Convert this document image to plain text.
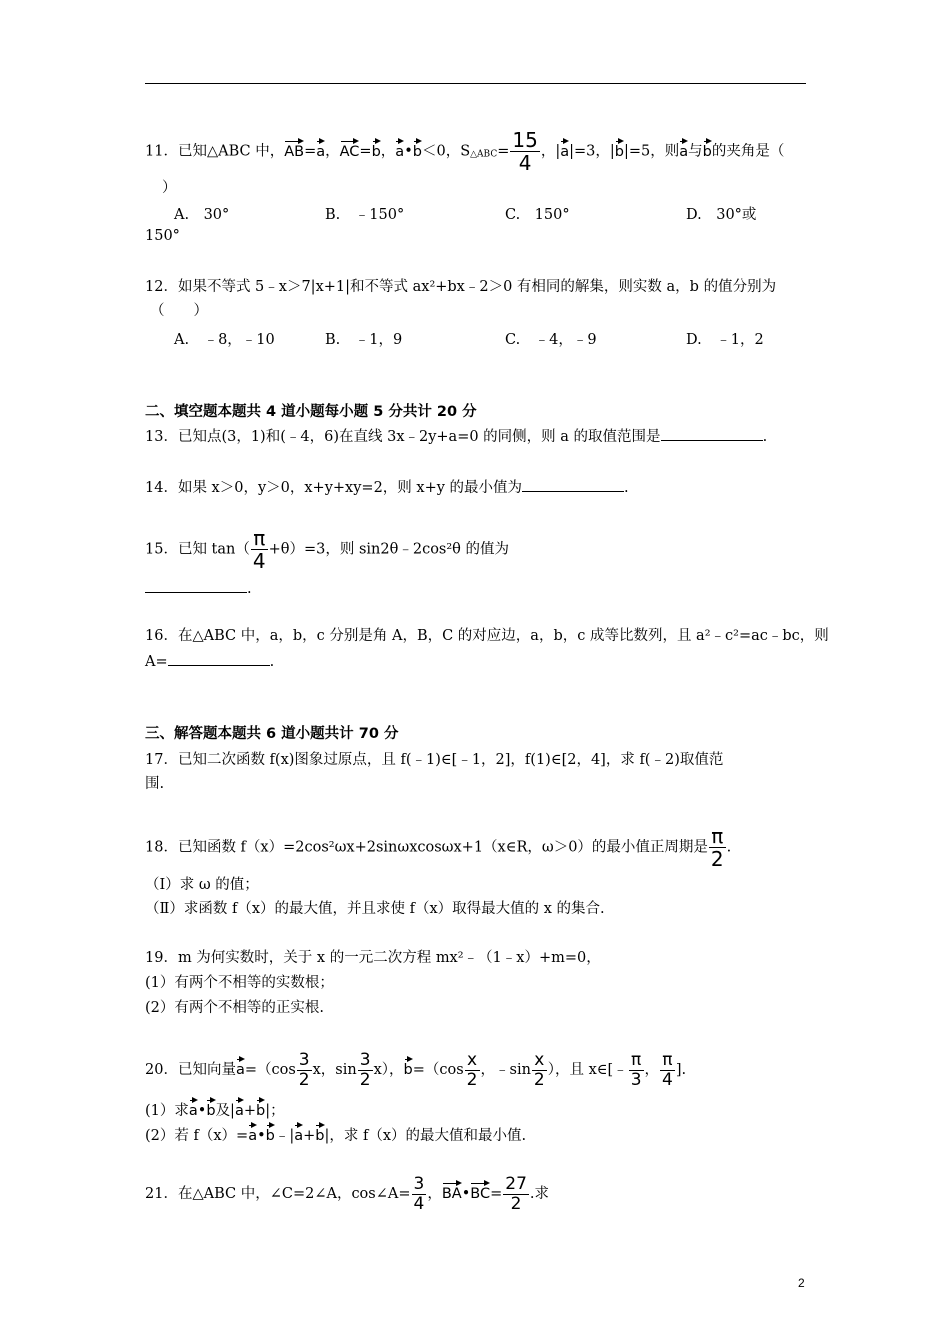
11．已知△ABC 中，AB=a，AC=b，a•b＜0，$S_{\triangle ABC}= \frac{15}{4}$ ，|a|=3，|b|=5，则a与b的夹角是（
）
A.　30°	B.　﹣150°	C.　150°	D.　30°或
150°
12．如果不等式 5﹣x＞7|x+1|和不等式 ax²+bx﹣2＞0 有相同的解集，则实数 a，b 的值分别为
（　　）
A.　﹣8，﹣10	B.　﹣1，9	C.　﹣4，﹣9	D.　﹣1，2
二、填空题本题共 4 道小题每小题 5 分共计 20 分
13．已知点(3，1)和(﹣4，6)在直线 3x﹣2y+a=0 的同侧，则 a 的取值范围是	.
14．如果 x＞0，y＞0，x+y+xy=2，则 x+y 的最小值为	.
15．已知 $\tan( \frac{\pi}{4} +\theta)=3$，则 sin2θ﹣2cos²θ 的值为
.
16．在△ABC 中，a，b，c 分别是角 A，B，C 的对应边，a，b，c 成等比数列，且 a²﹣c²=ac﹣bc，则
A=	.
三、解答题本题共 6 道小题共计 70 分
17．已知二次函数 f(x)图象过原点，且 f(﹣1)∈[﹣1，2]，f(1)∈[2，4]，求 f(﹣2)取值范
围.
18．已知函数 f（x）=2cos²ωx+2sinωxcosωx+1（x∈R，ω＞0）的最小值正周期是 $\frac{\pi}{2}$ .
（Ⅰ）求 ω 的值；
（Ⅱ）求函数 f（x）的最大值，并且求使 f（x）取得最大值的 x 的集合.
19．m 为何实数时，关于 x 的一元二次方程 mx²﹣（1﹣x）+m=0，
(1）有两个不相等的实数根；
(2）有两个不相等的正实根.
20．已知向量$a=(\cos \frac{3}{2}$ x，$\sin \frac{3}{2} x$），$b=(\cos \frac{x}{2}$ ，﹣sin $\frac{x}{2}$ ），且 x∈[﹣ $\frac{\pi}{3}$ ， $\frac{\pi}{4}$ ].
(1）求a•b及|a+b|；
(2）若 f（x）=a•b﹣|a+b|，求 f（x）的最大值和最小值.
21．在△ABC 中，∠C=2∠A，cos∠A= $\frac{3}{4}$ ，BA•BC= $\frac{27}{2}$ .求
2
